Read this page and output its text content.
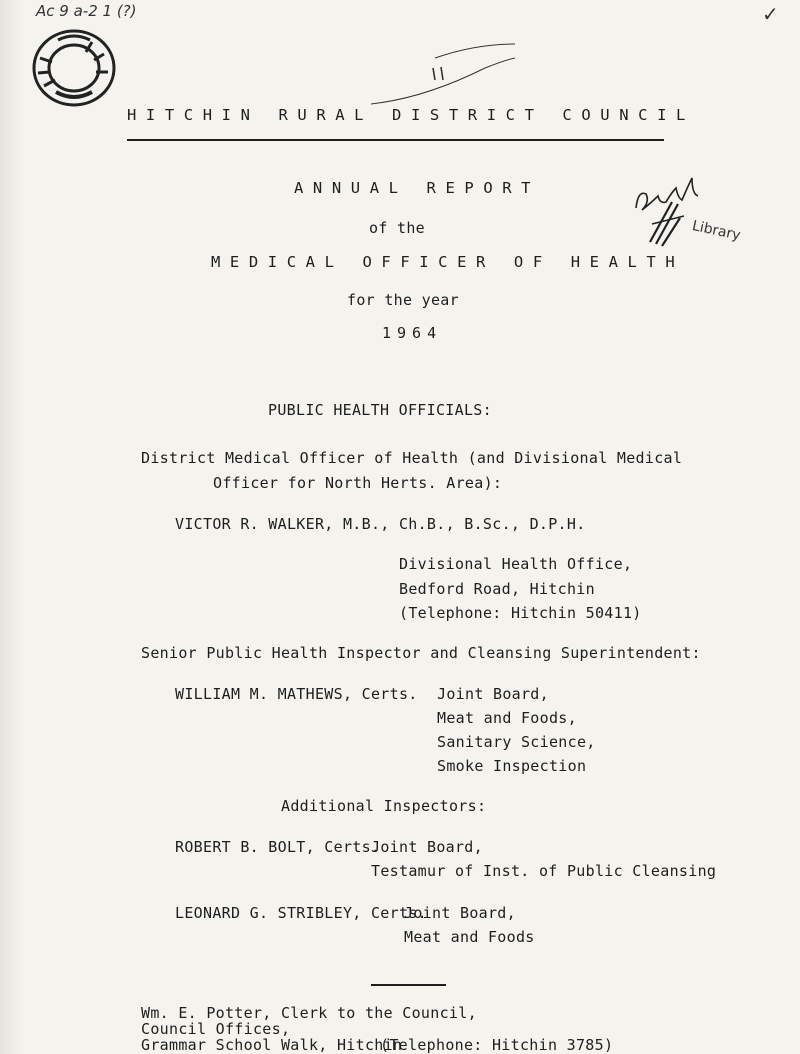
Ac 9 a-2 1 (?)	✓
HITCHIN RURAL DISTRICT COUNCIL
ANNUAL REPORT
of the
MEDICAL OFFICER OF HEALTH
for the year
1964
Library
PUBLIC HEALTH OFFICIALS:
District Medical Officer of Health (and Divisional Medical
Officer for North Herts. Area):
VICTOR R. WALKER, M.B., Ch.B., B.Sc., D.P.H.
Divisional Health Office,
Bedford Road, Hitchin
(Telephone: Hitchin 50411)
Senior Public Health Inspector and Cleansing Superintendent:
WILLIAM M. MATHEWS, Certs. Joint Board,
Meat and Foods,
Sanitary Science,
Smoke Inspection
Additional Inspectors:
ROBERT B. BOLT, Certs.
Joint Board,
Testamur of Inst. of Public Cleansing
LEONARD G. STRIBLEY, Certs.
Joint Board,
Meat and Foods
Wm. E. Potter, Clerk to the Council,
Council Offices,
Grammar School Walk, Hitchin
(Telephone: Hitchin 3785)
